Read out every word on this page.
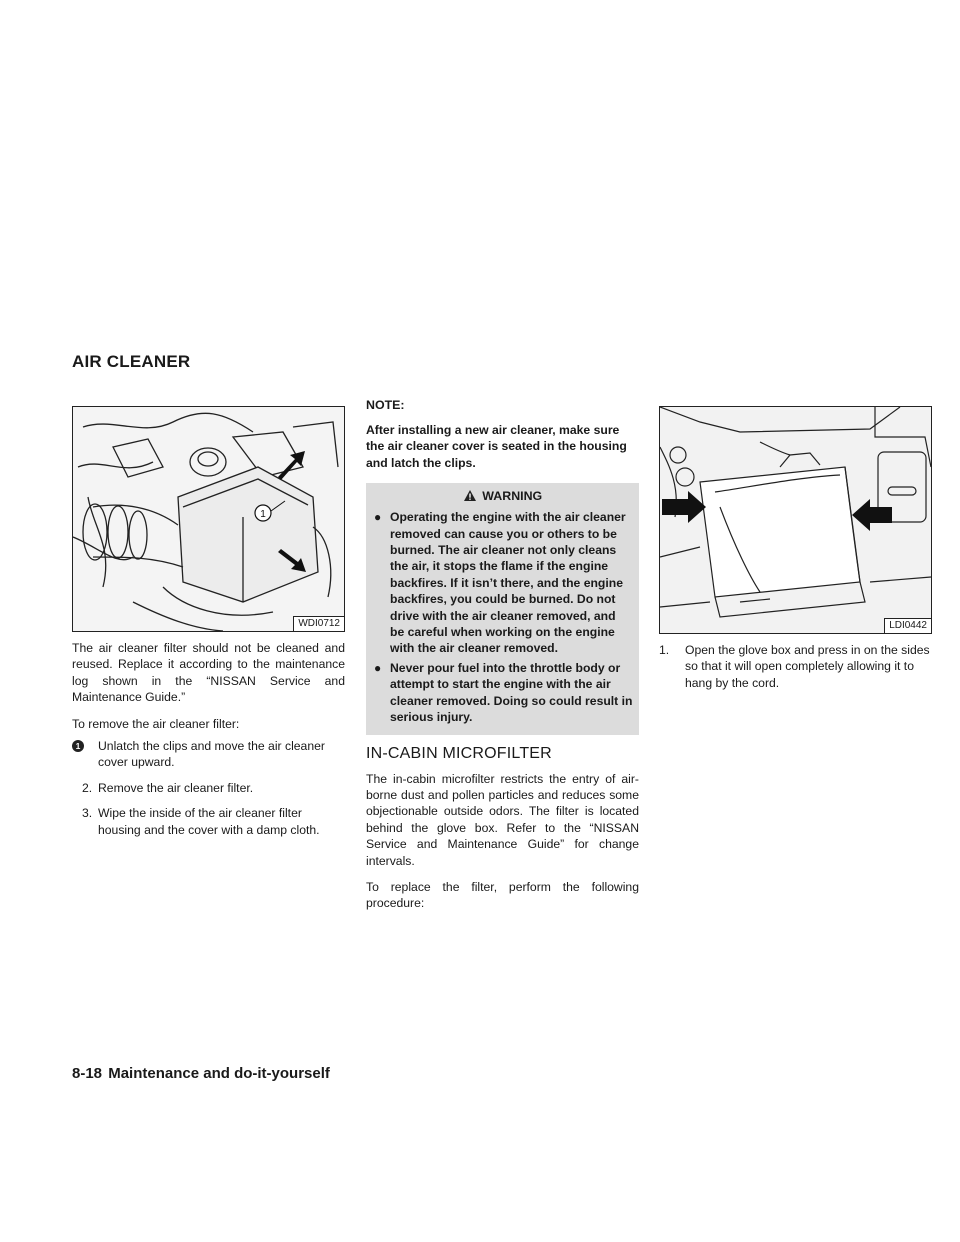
AIR CLEANER
1
WDI0712

The air cleaner filter should not be cleaned and reused. Replace it according to the maintenance log shown in the “NISSAN Service and Maintenance Guide.”

To remove the air cleaner filter:

1 Unlatch the clips and move the air cleaner cover upward.
2. Remove the air cleaner filter.
3. Wipe the inside of the air cleaner filter housing and the cover with a damp cloth.
NOTE:
After installing a new air cleaner, make sure the air cleaner cover is seated in the housing and latch the clips.
WARNING
● Operating the engine with the air cleaner removed can cause you or others to be burned. The air cleaner not only cleans the air, it stops the flame if the engine backfires. If it isn’t there, and the engine backfires, you could be burned. Do not drive with the air cleaner removed, and be careful when working on the engine with the air cleaner removed.
● Never pour fuel into the throttle body or attempt to start the engine with the air cleaner removed. Doing so could result in serious injury.
IN-CABIN MICROFILTER

The in-cabin microfilter restricts the entry of air-borne dust and pollen particles and reduces some objectionable outside odors. The filter is located behind the glove box. Refer to the “NISSAN Service and Maintenance Guide” for change intervals.

To replace the filter, perform the following procedure:

LDI0442
1. Open the glove box and press in on the sides so that it will open completely allowing it to hang by the cord.
8-18 Maintenance and do-it-yourself
